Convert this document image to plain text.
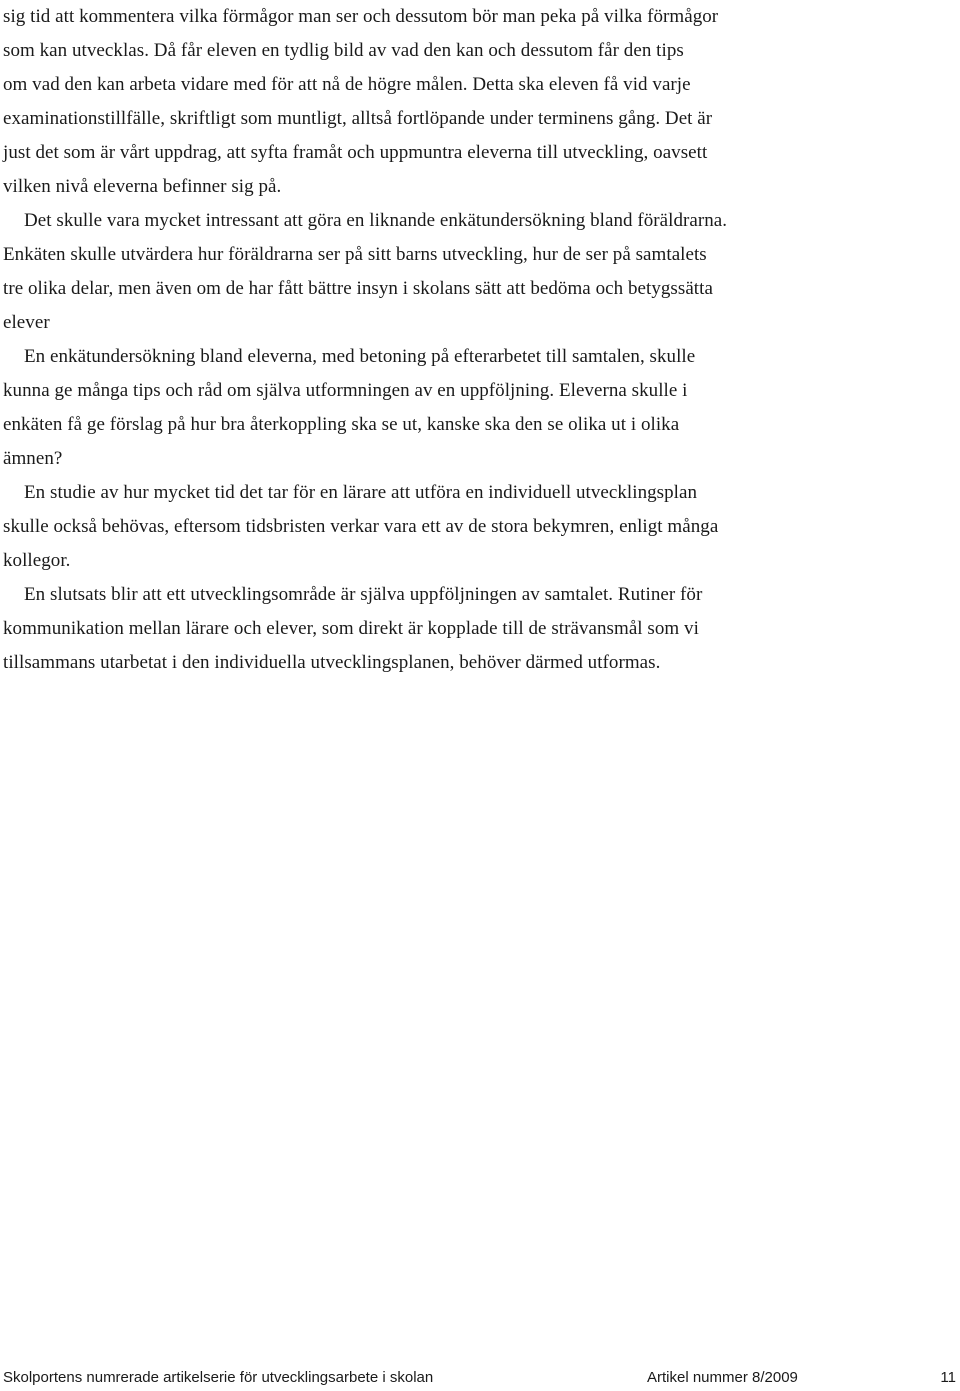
sig tid att kommentera vilka förmågor man ser och dessutom bör man peka på vilka förmågor
som kan utvecklas. Då får eleven en tydlig bild av vad den kan och dessutom får den tips
om vad den kan arbeta vidare med för att nå de högre målen. Detta ska eleven få vid varje
examinationstillfälle, skriftligt som muntligt, alltså fortlöpande under terminens gång. Det är
just det som är vårt uppdrag, att syfta framåt och uppmuntra eleverna till utveckling, oavsett
vilken nivå eleverna befinner sig på.
Det skulle vara mycket intressant att göra en liknande enkätundersökning bland föräldrarna.
Enkäten skulle utvärdera hur föräldrarna ser på sitt barns utveckling, hur de ser på samtalets
tre olika delar, men även om de har fått bättre insyn i skolans sätt att bedöma och betygssätta
elever
En enkätundersökning bland eleverna, med betoning på efterarbetet till samtalen, skulle
kunna ge många tips och råd om själva utformningen av en uppföljning. Eleverna skulle i
enkäten få ge förslag på hur bra återkoppling ska se ut, kanske ska den se olika ut i olika
ämnen?
En studie av hur mycket tid det tar för en lärare att utföra en individuell utvecklingsplan
skulle också behövas, eftersom tidsbristen verkar vara ett av de stora bekymren, enligt många
kollegor.
En slutsats blir att ett utvecklingsområde är själva uppföljningen av samtalet. Rutiner för
kommunikation mellan lärare och elever, som direkt är kopplade till de strävansmål som vi
tillsammans utarbetat i den individuella utvecklingsplanen, behöver därmed utformas.
Skolportens numrerade artikelserie för utvecklingsarbete i skolan	Artikel nummer 8/2009	11
